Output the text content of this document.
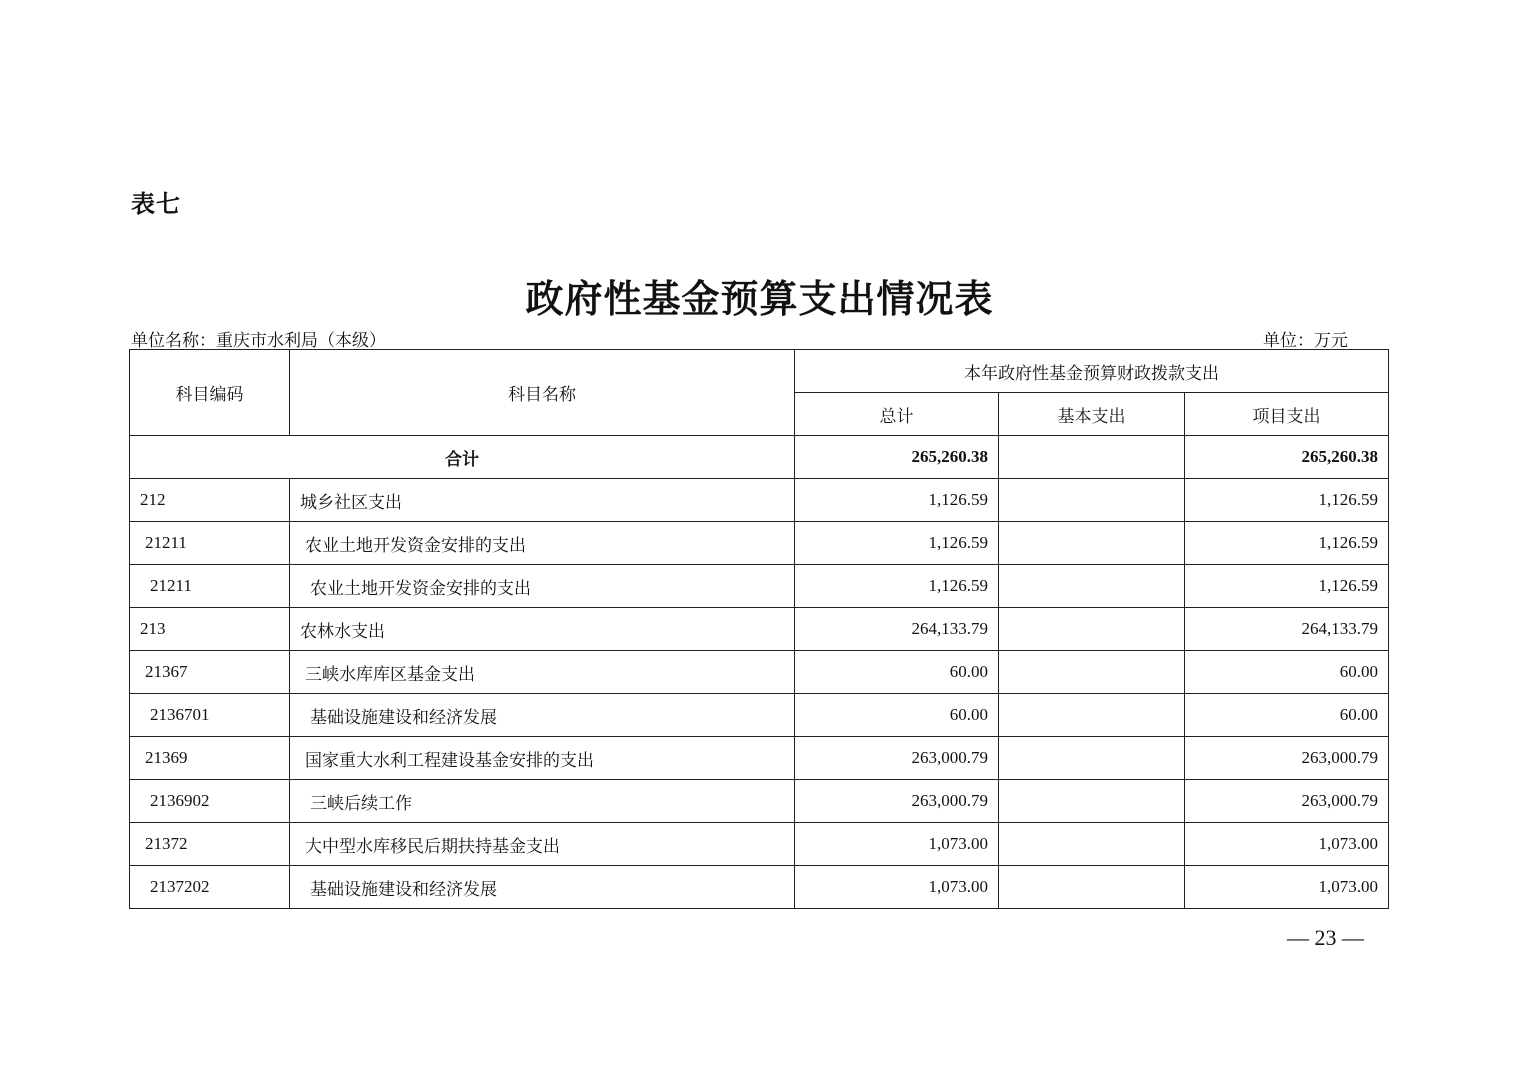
表七
政府性基金预算支出情况表
单位名称：重庆市水利局（本级）	单位：万元
科目编码	科目名称	本年政府性基金预算财政拨款支出		
		总计	基本支出	项目支出
合计		265,260.38		265,260.38
212	城乡社区支出	1,126.59		1,126.59
21211	农业土地开发资金安排的支出	1,126.59		1,126.59
21211	农业土地开发资金安排的支出	1,126.59		1,126.59
213	农林水支出	264,133.79		264,133.79
21367	三峡水库库区基金支出	60.00		60.00
2136701	基础设施建设和经济发展	60.00		60.00
21369	国家重大水利工程建设基金安排的支出	263,000.79		263,000.79
2136902	三峡后续工作	263,000.79		263,000.79
21372	大中型水库移民后期扶持基金支出	1,073.00		1,073.00
2137202	基础设施建设和经济发展	1,073.00		1,073.00
— 23 —
